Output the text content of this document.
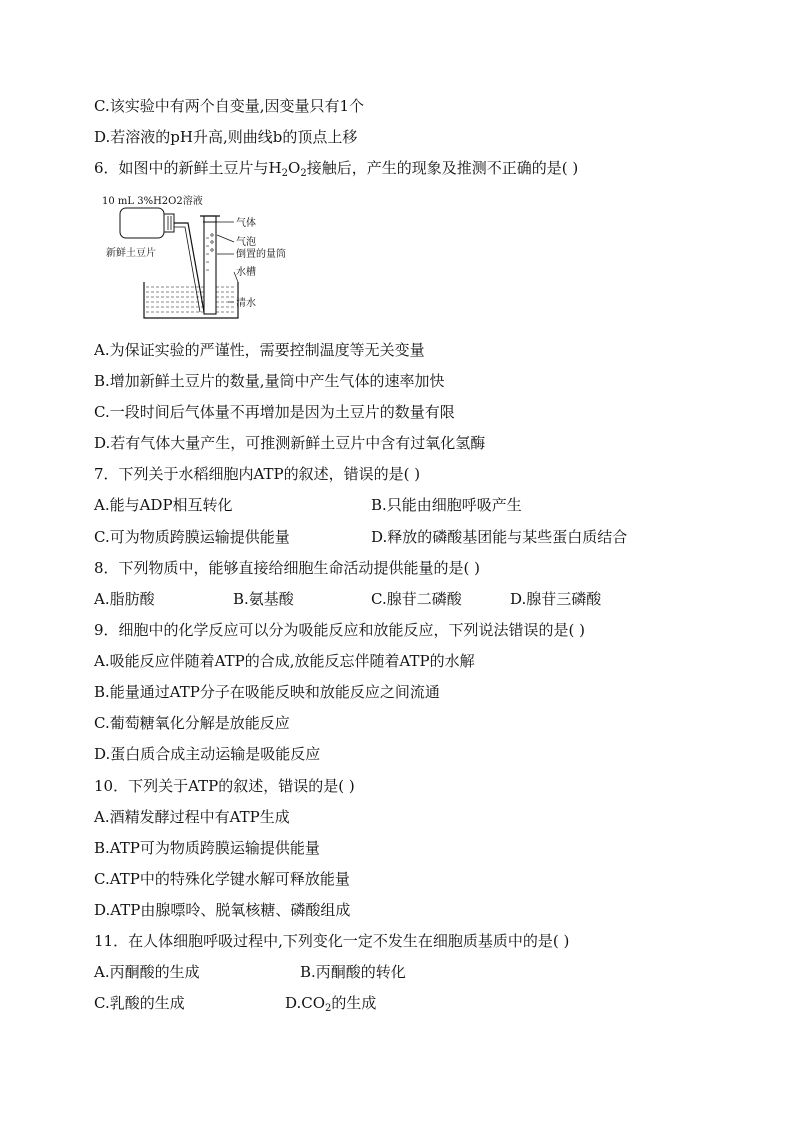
C.该实验中有两个自变量,因变量只有1个
D.若溶液的pH升高,则曲线b的顶点上移
6．如图中的新鲜土豆片与$H_2O_2$接触后，产生的现象及推测不正确的是( )
10 mL 3%H2O2溶液
新鲜土豆片
气体
气泡
倒置的量筒
水槽
清水
A.为保证实验的严谨性，需要控制温度等无关变量
B.增加新鲜土豆片的数量,量筒中产生气体的速率加快
C.一段时间后气体量不再增加是因为土豆片的数量有限
D.若有气体大量产生，可推测新鲜土豆片中含有过氧化氢酶
7．下列关于水稻细胞内ATP的叙述，错误的是( )
A.能与ADP相互转化	B.只能由细胞呼吸产生
C.可为物质跨膜运输提供能量	D.释放的磷酸基团能与某些蛋白质结合
8．下列物质中，能够直接给细胞生命活动提供能量的是( )
A.脂肪酸	B.氨基酸	C.腺苷二磷酸	D.腺苷三磷酸
9．细胞中的化学反应可以分为吸能反应和放能反应，下列说法错误的是( )
A.吸能反应伴随着ATP的合成,放能反忘伴随着ATP的水解
B.能量通过ATP分子在吸能反映和放能反应之间流通
C.葡萄糖氧化分解是放能反应
D.蛋白质合成主动运输是吸能反应
10．下列关于ATP的叙述，错误的是( )
A.酒精发酵过程中有ATP生成
B.ATP可为物质跨膜运输提供能量
C.ATP中的特殊化学键水解可释放能量
D.ATP由腺嘌呤、脱氧核糖、磷酸组成
11．在人体细胞呼吸过程中,下列变化一定不发生在细胞质基质中的是( )
A.丙酮酸的生成	B.丙酮酸的转化
C.乳酸的生成	$D.CO_2$的生成
